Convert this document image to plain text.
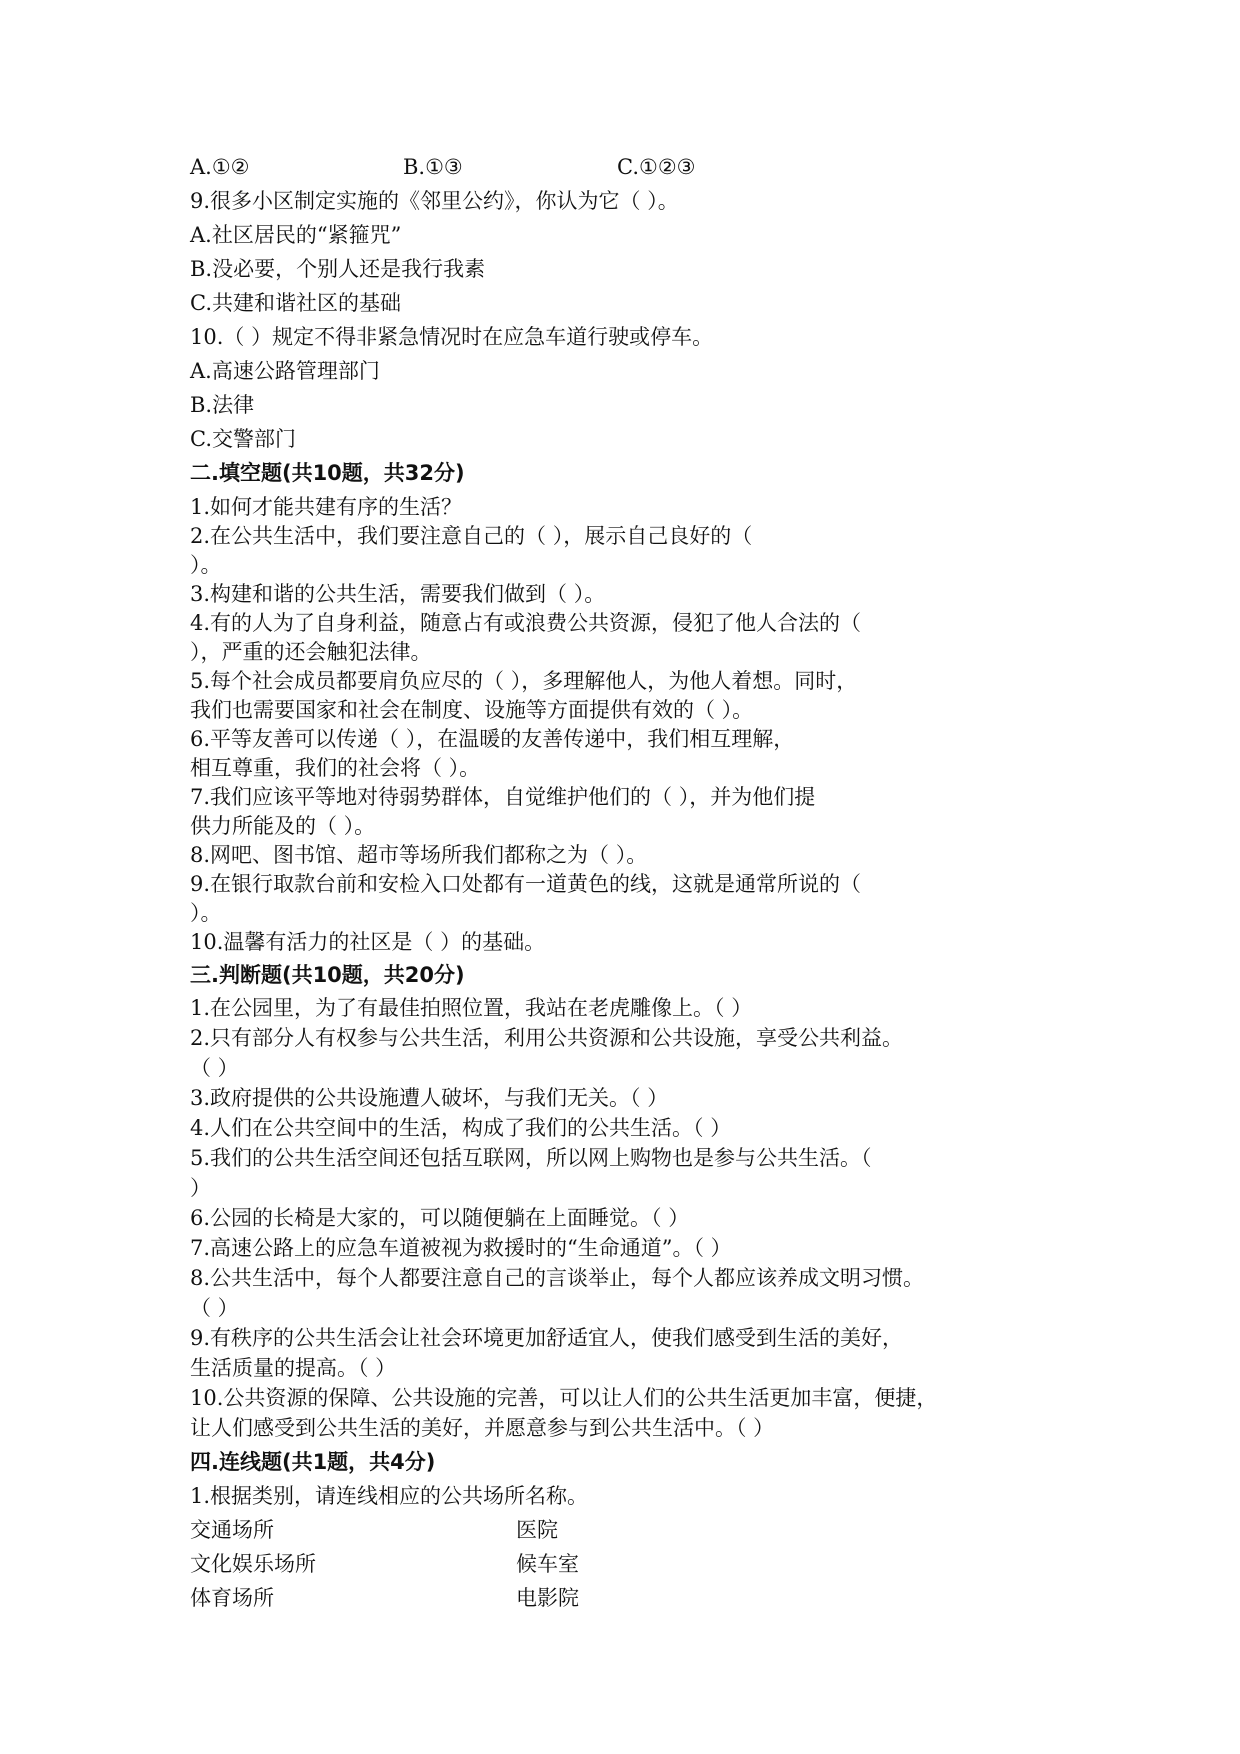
A.①②	B.①③	C.①②③
9.很多小区制定实施的《邻里公约》，你认为它（ ）。
A.社区居民的“紧箍咒”
B.没必要，个别人还是我行我素
C.共建和谐社区的基础
10.（ ）规定不得非紧急情况时在应急车道行驶或停车。
A.高速公路管理部门
B.法律
C.交警部门
二.填空题(共10题，共32分)
1.如何才能共建有序的生活？
2.在公共生活中，我们要注意自己的（ ），展示自己良好的（
）。
3.构建和谐的公共生活，需要我们做到（ ）。
4.有的人为了自身利益，随意占有或浪费公共资源，侵犯了他人合法的（
），严重的还会触犯法律。
5.每个社会成员都要肩负应尽的（ ），多理解他人，为他人着想。同时，
我们也需要国家和社会在制度、设施等方面提供有效的（ ）。
6.平等友善可以传递（ ），在温暖的友善传递中，我们相互理解，
相互尊重，我们的社会将（ ）。
7.我们应该平等地对待弱势群体，自觉维护他们的（ ），并为他们提
供力所能及的（ ）。
8.网吧、图书馆、超市等场所我们都称之为（ ）。
9.在银行取款台前和安检入口处都有一道黄色的线，这就是通常所说的（
）。
10.温馨有活力的社区是（ ）的基础。
三.判断题(共10题，共20分)
1.在公园里，为了有最佳拍照位置，我站在老虎雕像上。（ ）
2.只有部分人有权参与公共生活，利用公共资源和公共设施，享受公共利益。
（ ）
3.政府提供的公共设施遭人破坏，与我们无关。（ ）
4.人们在公共空间中的生活，构成了我们的公共生活。（ ）
5.我们的公共生活空间还包括互联网，所以网上购物也是参与公共生活。（
）
6.公园的长椅是大家的，可以随便躺在上面睡觉。（ ）
7.高速公路上的应急车道被视为救援时的“生命通道”。（ ）
8.公共生活中，每个人都要注意自己的言谈举止，每个人都应该养成文明习惯。
（ ）
9.有秩序的公共生活会让社会环境更加舒适宜人，使我们感受到生活的美好，
生活质量的提高。（ ）
10.公共资源的保障、公共设施的完善，可以让人们的公共生活更加丰富，便捷，
让人们感受到公共生活的美好，并愿意参与到公共生活中。（ ）
四.连线题(共1题，共4分)
1.根据类别，请连线相应的公共场所名称。
交通场所	医院
文化娱乐场所	候车室
体育场所	电影院
